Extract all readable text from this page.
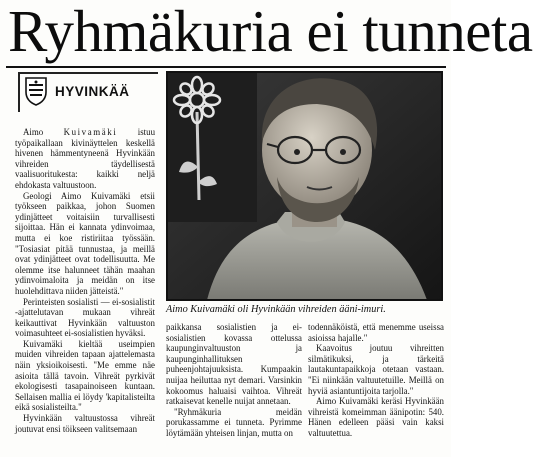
Ryhmäkuria ei tunneta
HYVINKÄÄ
Aimo Kuivamäki oli Hyvinkään vihreiden ääni-imuri.

Aimo Kuivamäki istuu työpaikallaan kivinäyttelen keskellä hivenen hämmentyneenä Hyvinkään vihreiden täydellisestä vaalisuoritukesta: kaikki neljä ehdokasta valtuustoon.

Geologi Aimo Kuivamäki etsii työkseen paikkaa, johon Suomen ydinjätteet voitaisiin turvallisesti sijoittaa. Hän ei kannata ydinvoimaa, mutta ei koe ristiriitaa työssään. "Tosiasiat pitää tunnustaa, ja meillä ovat ydinjätteet ovat todellisuutta. Me olemme itse halunneet tähän maahan ydinvoimaloita ja meidän on itse huolehdittava niiden jätteistä."

Perinteisten sosialisti — ei-sosialistit -ajattelutavan mukaan vihreät keikauttivat Hyvinkään valtuuston voimasuhteet ei-sosialistien hyväksi.

Kuivamäki kieltää useimpien muiden vihreiden tapaan ajattelemasta näin yksioikoisesti. "Me emme näe asioita tällä tavoin. Vihreät pyrkivät ekologisesti tasapainoiseen kuntaan. Sellaisen mallia ei löydy 'kapitalisteilta eikä sosialisteilta."

Hyvinkään valtuustossa vihreät joutuvat ensi töikseen valitsemaan

paikkansa sosialistien ja ei-sosialistien kovassa ottelussa kaupunginvaltuuston ja kaupunginhallituksen puheenjohtajuuksista. Kumpaakin nuijaa heiluttaa nyt demari. Varsinkin kokoomus haluaisi vaihtoa. Vihreät ratkaisevat kenelle nuijat annetaan.

"Ryhmäkuria meidän porukassamme ei tunneta. Pyrimme löytämään yhteisen linjan, mutta on

todennäköistä, että menemme useissa asioissa hajalle."

Kaavoitus joutuu vihreitten silmätikuksi, ja tärkeitä lautakuntapaikkoja otetaan vastaan. "Ei niinkään valtuutetuille. Meillä on hyviä asiantuntijoita tarjolla."

Aimo Kuivamäki keräsi Hyvinkään vihreistä komeimman äänipotin: 540. Hänen edelleen pääsi vain kaksi valtuutettua.
